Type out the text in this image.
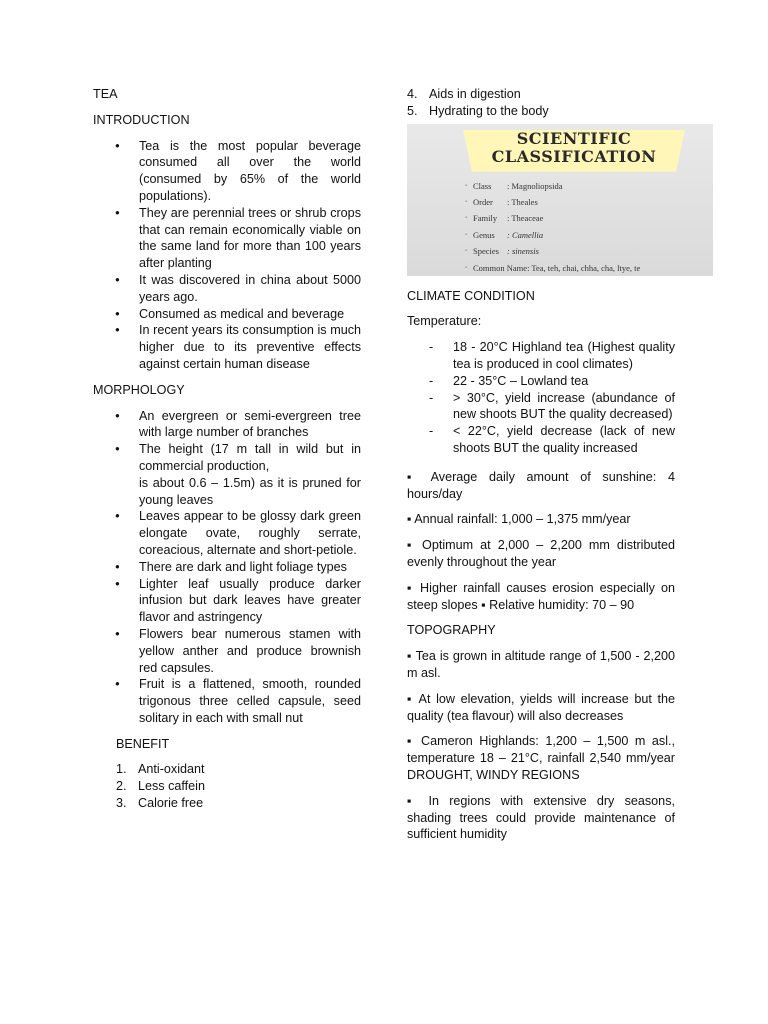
TEA
INTRODUCTION
● Tea is the most popular beverage consumed all over the world (consumed by 65% of the world populations).
● They are perennial trees or shrub crops that can remain economically viable on the same land for more than 100 years after planting
● It was discovered in china about 5000 years ago.
● Consumed as medical and beverage
● In recent years its consumption is much higher due to its preventive effects against certain human disease
MORPHOLOGY
● An evergreen or semi-evergreen tree with large number of branches
● The height (17 m tall in wild but in commercial production,
is about 0.6 – 1.5m) as it is pruned for young leaves
● Leaves appear to be glossy dark green elongate ovate, roughly serrate, coreacious, alternate and short-petiole.
● There are dark and light foliage types
● Lighter leaf usually produce darker infusion but dark leaves have greater flavor and astringency
● Flowers bear numerous stamen with yellow anther and produce brownish red capsules.
● Fruit is a flattened, smooth, rounded trigonous three celled capsule, seed solitary in each with small nut
BENEFIT
1. Anti-oxidant
2. Less caffein
3. Calorie free
4. Aids in digestion
5. Hydrating to the body
SCIENTIFIC
CLASSIFICATION
▪ Class : Magnoliopsida
▪ Order : Theales
▪ Family : Theaceae
▪ Genus : Camellia
▪ Species : sinensis
▪ Common Name: Tea, teh, chai, chha, cha, ltye, te
CLIMATE CONDITION
Temperature:
- 18 - 20°C Highland tea (Highest quality tea is produced in cool climates)
- 22 - 35°C – Lowland tea
- > 30°C, yield increase (abundance of new shoots BUT the quality decreased)
- < 22°C, yield decrease (lack of new shoots BUT the quality increased
▪ Average daily amount of sunshine: 4 hours/day
▪ Annual rainfall: 1,000 – 1,375 mm/year
▪ Optimum at 2,000 – 2,200 mm distributed evenly throughout the year
▪ Higher rainfall causes erosion especially on steep slopes ▪ Relative humidity: 70 – 90
TOPOGRAPHY
▪ Tea is grown in altitude range of 1,500 - 2,200 m asl.
▪ At low elevation, yields will increase but the quality (tea flavour) will also decreases
▪ Cameron Highlands: 1,200 – 1,500 m asl., temperature 18 – 21°C, rainfall 2,540 mm/year DROUGHT, WINDY REGIONS
▪ In regions with extensive dry seasons, shading trees could provide maintenance of sufficient humidity
